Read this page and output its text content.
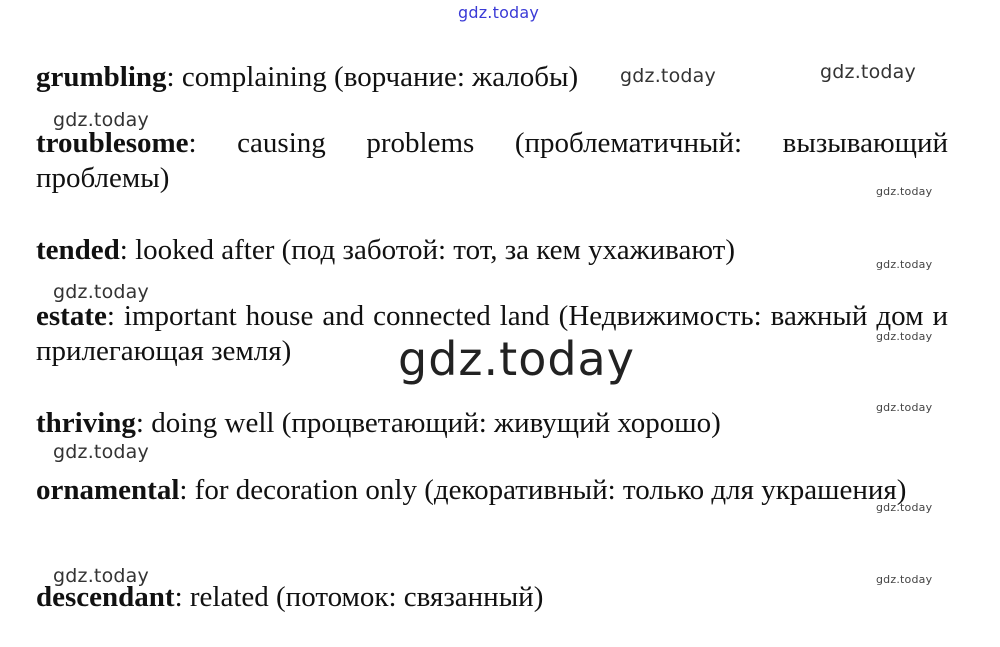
gdz.today
gdz.today	gdz.today
gdz.today
gdz.today
gdz.today
gdz.today
gdz.today
gdz.today
gdz.today
gdz.today
gdz.today
gdz.today	gdz.today

grumbling: complaining (ворчание: жалобы)

troublesome: causing problems (проблематичный: вызывающий проблемы)

tended: looked after (под заботой: тот, за кем ухаживают)

estate: important house and connected land (Недвижимость: важный дом и прилегающая земля)

thriving: doing well (процветающий: живущий хорошо)

ornamental: for decoration only (декоративный: только для украшения)

descendant: related (потомок: связанный)
